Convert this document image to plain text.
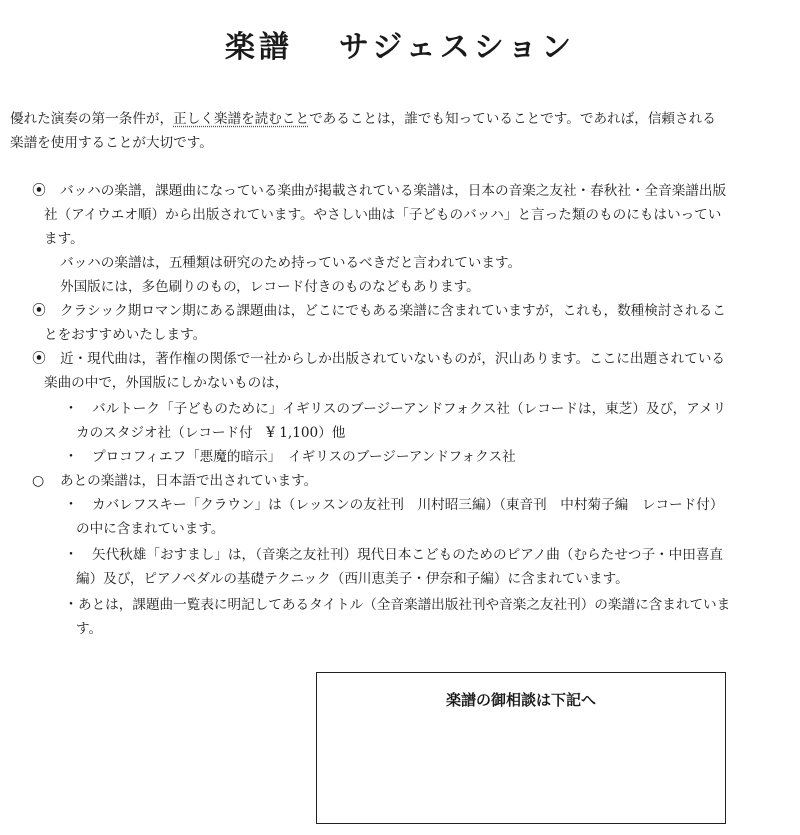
楽譜 サジェスション
優れた演奏の第一条件が，正しく楽譜を読むことであることは，誰でも知っていることです。であれば，信頼される
楽譜を使用することが大切です。
⦿ バッハの楽譜，課題曲になっている楽曲が掲載されている楽譜は，日本の音楽之友社・春秋社・全音楽譜出版
社（アイウエオ順）から出版されています。やさしい曲は「子どものバッハ」と言った類のものにもはいってい
ます。
バッハの楽譜は，五種類は研究のため持っているべきだと言われています。
外国版には，多色刷りのもの，レコード付きのものなどもあります。
⦿ クラシック期ロマン期にある課題曲は，どこにでもある楽譜に含まれていますが，これも，数種検討されるこ
とをおすすめいたします。
⦿ 近・現代曲は，著作権の関係で一社からしか出版されていないものが，沢山あります。ここに出題されている
楽曲の中で，外国版にしかないものは，
・ バルトーク「子どものために」イギリスのブージーアンドフォクス社（レコードは，東芝）及び，アメリ
カのスタジオ社（レコード付　¥ 1,100）他
・ プロコフィエフ「悪魔的暗示」　イギリスのブージーアンドフォクス社
○ あとの楽譜は，日本語で出されています。
・ カバレフスキー「クラウン」は（レッスンの友社刊　川村昭三編）（東音刊　中村菊子編　レコード付）
の中に含まれています。
・ 矢代秋雄「おすまし」は，（音楽之友社刊）現代日本こどものためのピアノ曲（むらたせつ子・中田喜直
編）及び，ピアノペダルの基礎テクニック（西川恵美子・伊奈和子編）に含まれています。
・ あとは，課題曲一覧表に明記してあるタイトル（全音楽譜出版社刊や音楽之友社刊）の楽譜に含まれていま
す。
楽譜の御相談は下記へ
